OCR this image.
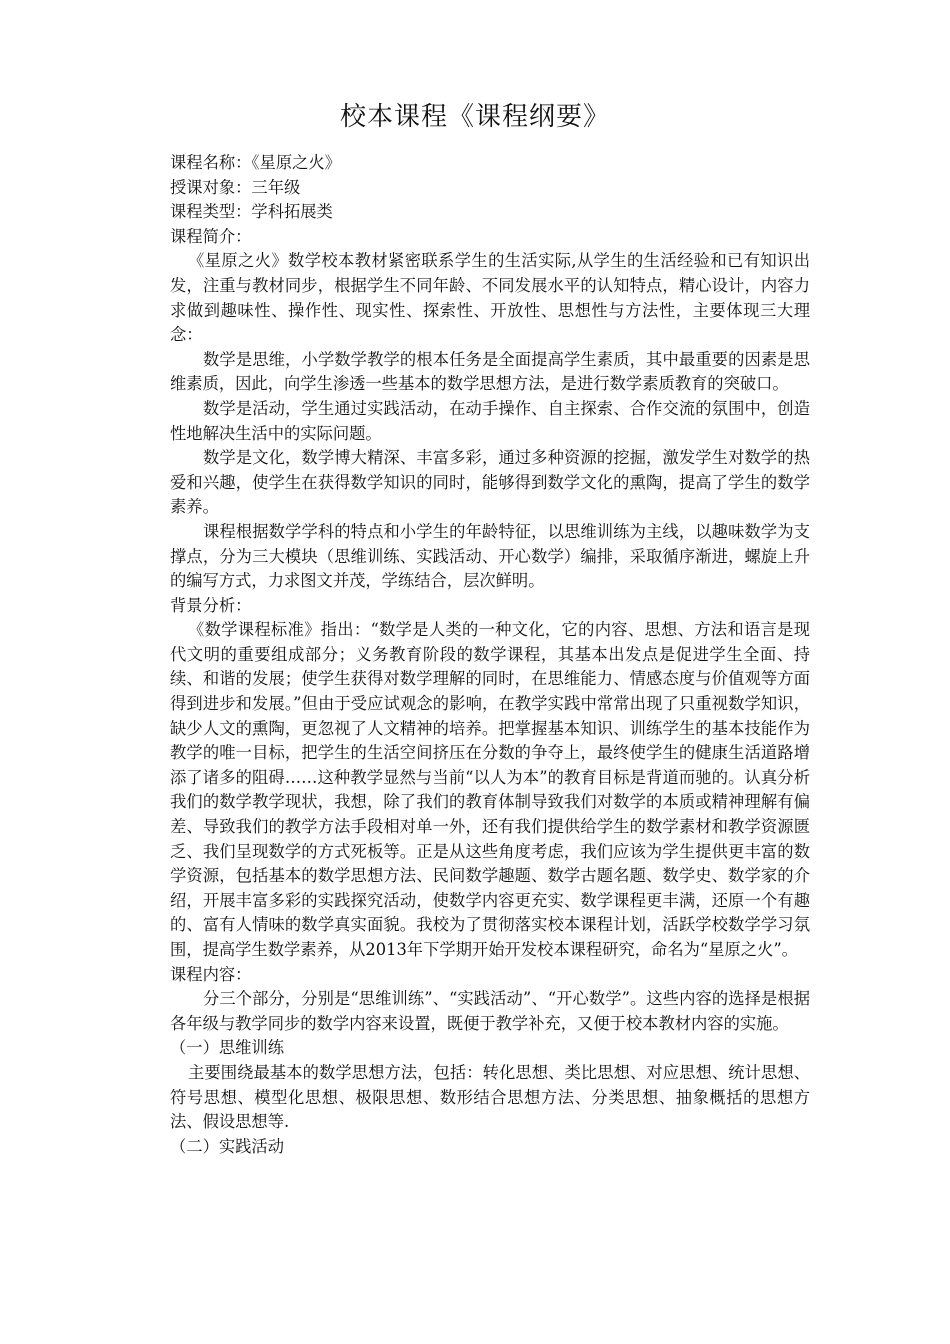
校本课程《课程纲要》

课程名称：《星原之火》

授课对象：三年级

课程类型：学科拓展类

课程简介：

《星原之火》数学校本教材紧密联系学生的生活实际,从学生的生活经验和已有知识出发，注重与教材同步，根据学生不同年龄、不同发展水平的认知特点，精心设计，内容力求做到趣味性、操作性、现实性、探索性、开放性、思想性与方法性，主要体现三大理念：

数学是思维，小学数学教学的根本任务是全面提高学生素质，其中最重要的因素是思维素质，因此，向学生渗透一些基本的数学思想方法，是进行数学素质教育的突破口。

数学是活动，学生通过实践活动，在动手操作、自主探索、合作交流的氛围中，创造性地解决生活中的实际问题。

数学是文化，数学博大精深、丰富多彩，通过多种资源的挖掘，激发学生对数学的热爱和兴趣，使学生在获得数学知识的同时，能够得到数学文化的熏陶，提高了学生的数学素养。

课程根据数学学科的特点和小学生的年龄特征，以思维训练为主线，以趣味数学为支撑点，分为三大模块（思维训练、实践活动、开心数学）编排，采取循序渐进，螺旋上升的编写方式，力求图文并茂，学练结合，层次鲜明。

背景分析：

《数学课程标准》指出：“数学是人类的一种文化，它的内容、思想、方法和语言是现代文明的重要组成部分；义务教育阶段的数学课程，其基本出发点是促进学生全面、持续、和谐的发展；使学生获得对数学理解的同时，在思维能力、情感态度与价值观等方面得到进步和发展。”但由于受应试观念的影响，在教学实践中常常出现了只重视数学知识，缺少人文的熏陶，更忽视了人文精神的培养。把掌握基本知识、训练学生的基本技能作为教学的唯一目标，把学生的生活空间挤压在分数的争夺上，最终使学生的健康生活道路增添了诸多的阻碍……这种教学显然与当前“以人为本”的教育目标是背道而驰的。认真分析我们的数学教学现状，我想，除了我们的教育体制导致我们对数学的本质或精神理解有偏差、导致我们的教学方法手段相对单一外，还有我们提供给学生的数学素材和教学资源匮乏、我们呈现数学的方式死板等。正是从这些角度考虑，我们应该为学生提供更丰富的数学资源，包括基本的数学思想方法、民间数学趣题、数学古题名题、数学史、数学家的介绍，开展丰富多彩的实践探究活动，使数学内容更充实、数学课程更丰满，还原一个有趣的、富有人情味的数学真实面貌。我校为了贯彻落实校本课程计划，活跃学校数学学习氛围，提高学生数学素养，从2013年下学期开始开发校本课程研究，命名为“星原之火”。

课程内容：

分三个部分，分别是“思维训练”、“实践活动”、“开心数学”。这些内容的选择是根据各年级与教学同步的数学内容来设置，既便于教学补充，又便于校本教材内容的实施。

（一）思维训练

主要围绕最基本的数学思想方法，包括：转化思想、类比思想、对应思想、统计思想、符号思想、模型化思想、极限思想、数形结合思想方法、分类思想、抽象概括的思想方法、假设思想等.

（二）实践活动
